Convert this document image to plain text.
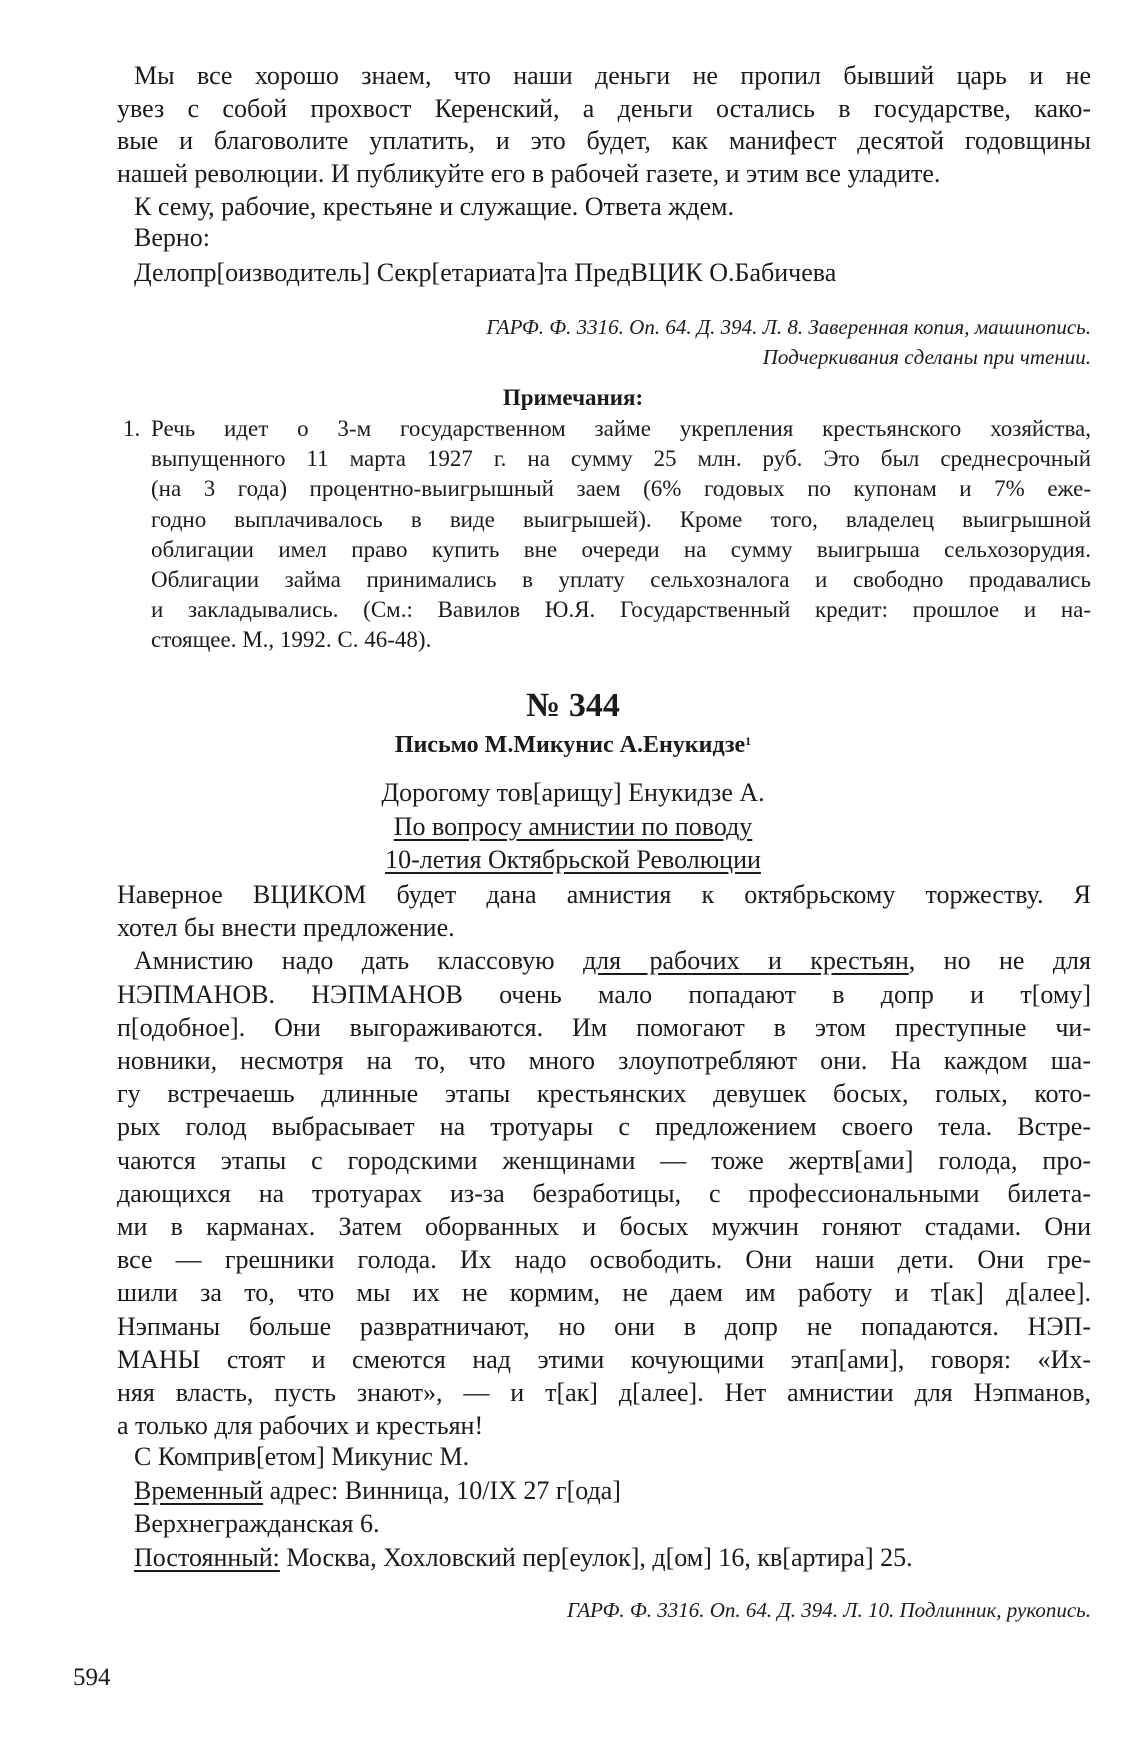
Мы все хорошо знаем, что наши деньги не пропил бывший царь и не
увез с собой прохвост Керенский, а деньги остались в государстве, како-
вые и благоволите уплатить, и это будет, как манифест десятой годовщины
нашей революции. И публикуйте его в рабочей газете, и этим все уладите.
К сему, рабочие, крестьяне и служащие. Ответа ждем.
Верно:
Делопр[оизводитель] Секр[етариата]та ПредВЦИК О.Бабичева
ГАРФ. Ф. 3316. Оп. 64. Д. 394. Л. 8. Заверенная копия, машинопись.
Подчеркивания сделаны при чтении.
Примечания:
1. Речь идет о 3-м государственном займе укрепления крестьянского хозяйства,
выпущенного 11 марта 1927 г. на сумму 25 млн. руб. Это был среднесрочный
(на 3 года) процентно-выигрышный заем (6% годовых по купонам и 7% еже-
годно выплачивалось в виде выигрышей). Кроме того, владелец выигрышной
облигации имел право купить вне очереди на сумму выигрыша сельхозорудия.
Облигации займа принимались в уплату сельхозналога и свободно продавались
и закладывались. (См.: Вавилов Ю.Я. Государственный кредит: прошлое и на-
стоящее. М., 1992. С. 46-48).
№ 344
Письмо М.Микунис А.Енукидзе$^1$
Дорогому тов[арищу] Енукидзе А.
По вопросу амнистии по поводу
10-летия Октябрьской Революции
Наверное ВЦИКОМ будет дана амнистия к октябрьскому торжеству. Я
хотел бы внести предложение.
Амнистию надо дать классовую для рабочих и крестьян, но не для
НЭПМАНОВ. НЭПМАНОВ очень мало попадают в допр и т[ому]
п[одобное]. Они выгораживаются. Им помогают в этом преступные чи-
новники, несмотря на то, что много злоупотребляют они. На каждом ша-
гу встречаешь длинные этапы крестьянских девушек босых, голых, кото-
рых голод выбрасывает на тротуары с предложением своего тела. Встре-
чаются этапы с городскими женщинами — тоже жертв[ами] голода, про-
дающихся на тротуарах из-за безработицы, с профессиональными билета-
ми в карманах. Затем оборванных и босых мужчин гоняют стадами. Они
все — грешники голода. Их надо освободить. Они наши дети. Они гре-
шили за то, что мы их не кормим, не даем им работу и т[ак] д[алее].
Нэпманы больше развратничают, но они в допр не попадаются. НЭП-
МАНЫ стоят и смеются над этими кочующими этап[ами], говоря: «Их-
няя власть, пусть знают», — и т[ак] д[алее]. Нет амнистии для Нэпманов,
а только для рабочих и крестьян!
С Комприв[етом] Микунис М.
Временный адрес: Винница, 10/IX 27 г[ода]
Верхнегражданская 6.
Постоянный: Москва, Хохловский пер[еулок], д[ом] 16, кв[артира] 25.
ГАРФ. Ф. 3316. Оп. 64. Д. 394. Л. 10. Подлинник, рукопись.
594
